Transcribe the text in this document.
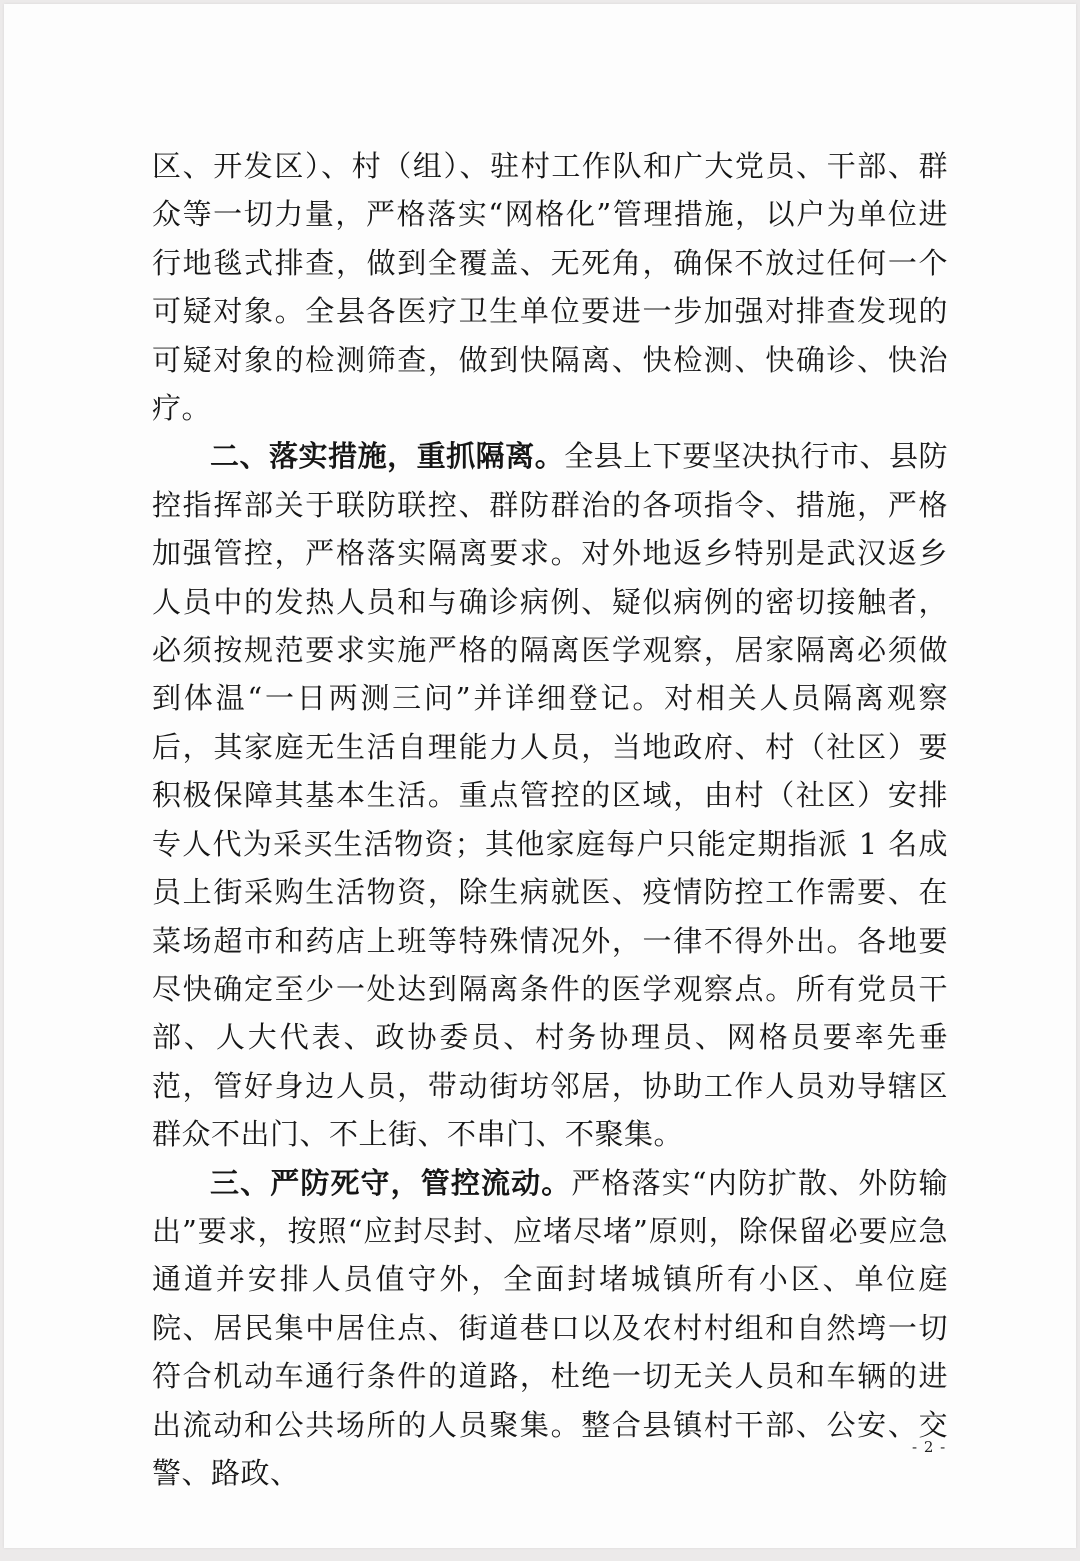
区、开发区）、村（组）、驻村工作队和广大党员、干部、群众等一切力量，严格落实“网格化”管理措施，以户为单位进行地毯式排查，做到全覆盖、无死角，确保不放过任何一个可疑对象。全县各医疗卫生单位要进一步加强对排查发现的可疑对象的检测筛查，做到快隔离、快检测、快确诊、快治疗。

二、落实措施，重抓隔离。全县上下要坚决执行市、县防控指挥部关于联防联控、群防群治的各项指令、措施，严格加强管控，严格落实隔离要求。对外地返乡特别是武汉返乡人员中的发热人员和与确诊病例、疑似病例的密切接触者，必须按规范要求实施严格的隔离医学观察，居家隔离必须做到体温“一日两测三问”并详细登记。对相关人员隔离观察后，其家庭无生活自理能力人员，当地政府、村（社区）要积极保障其基本生活。重点管控的区域，由村（社区）安排专人代为采买生活物资；其他家庭每户只能定期指派 1 名成员上街采购生活物资，除生病就医、疫情防控工作需要、在菜场超市和药店上班等特殊情况外，一律不得外出。各地要尽快确定至少一处达到隔离条件的医学观察点。所有党员干部、人大代表、政协委员、村务协理员、网格员要率先垂范，管好身边人员，带动街坊邻居，协助工作人员劝导辖区群众不出门、不上街、不串门、不聚集。

三、严防死守，管控流动。严格落实“内防扩散、外防输出”要求，按照“应封尽封、应堵尽堵”原则，除保留必要应急通道并安排人员值守外，全面封堵城镇所有小区、单位庭院、居民集中居住点、街道巷口以及农村村组和自然塆一切符合机动车通行条件的道路，杜绝一切无关人员和车辆的进出流动和公共场所的人员聚集。整合县镇村干部、公安、交警、路政、

- 2 -
